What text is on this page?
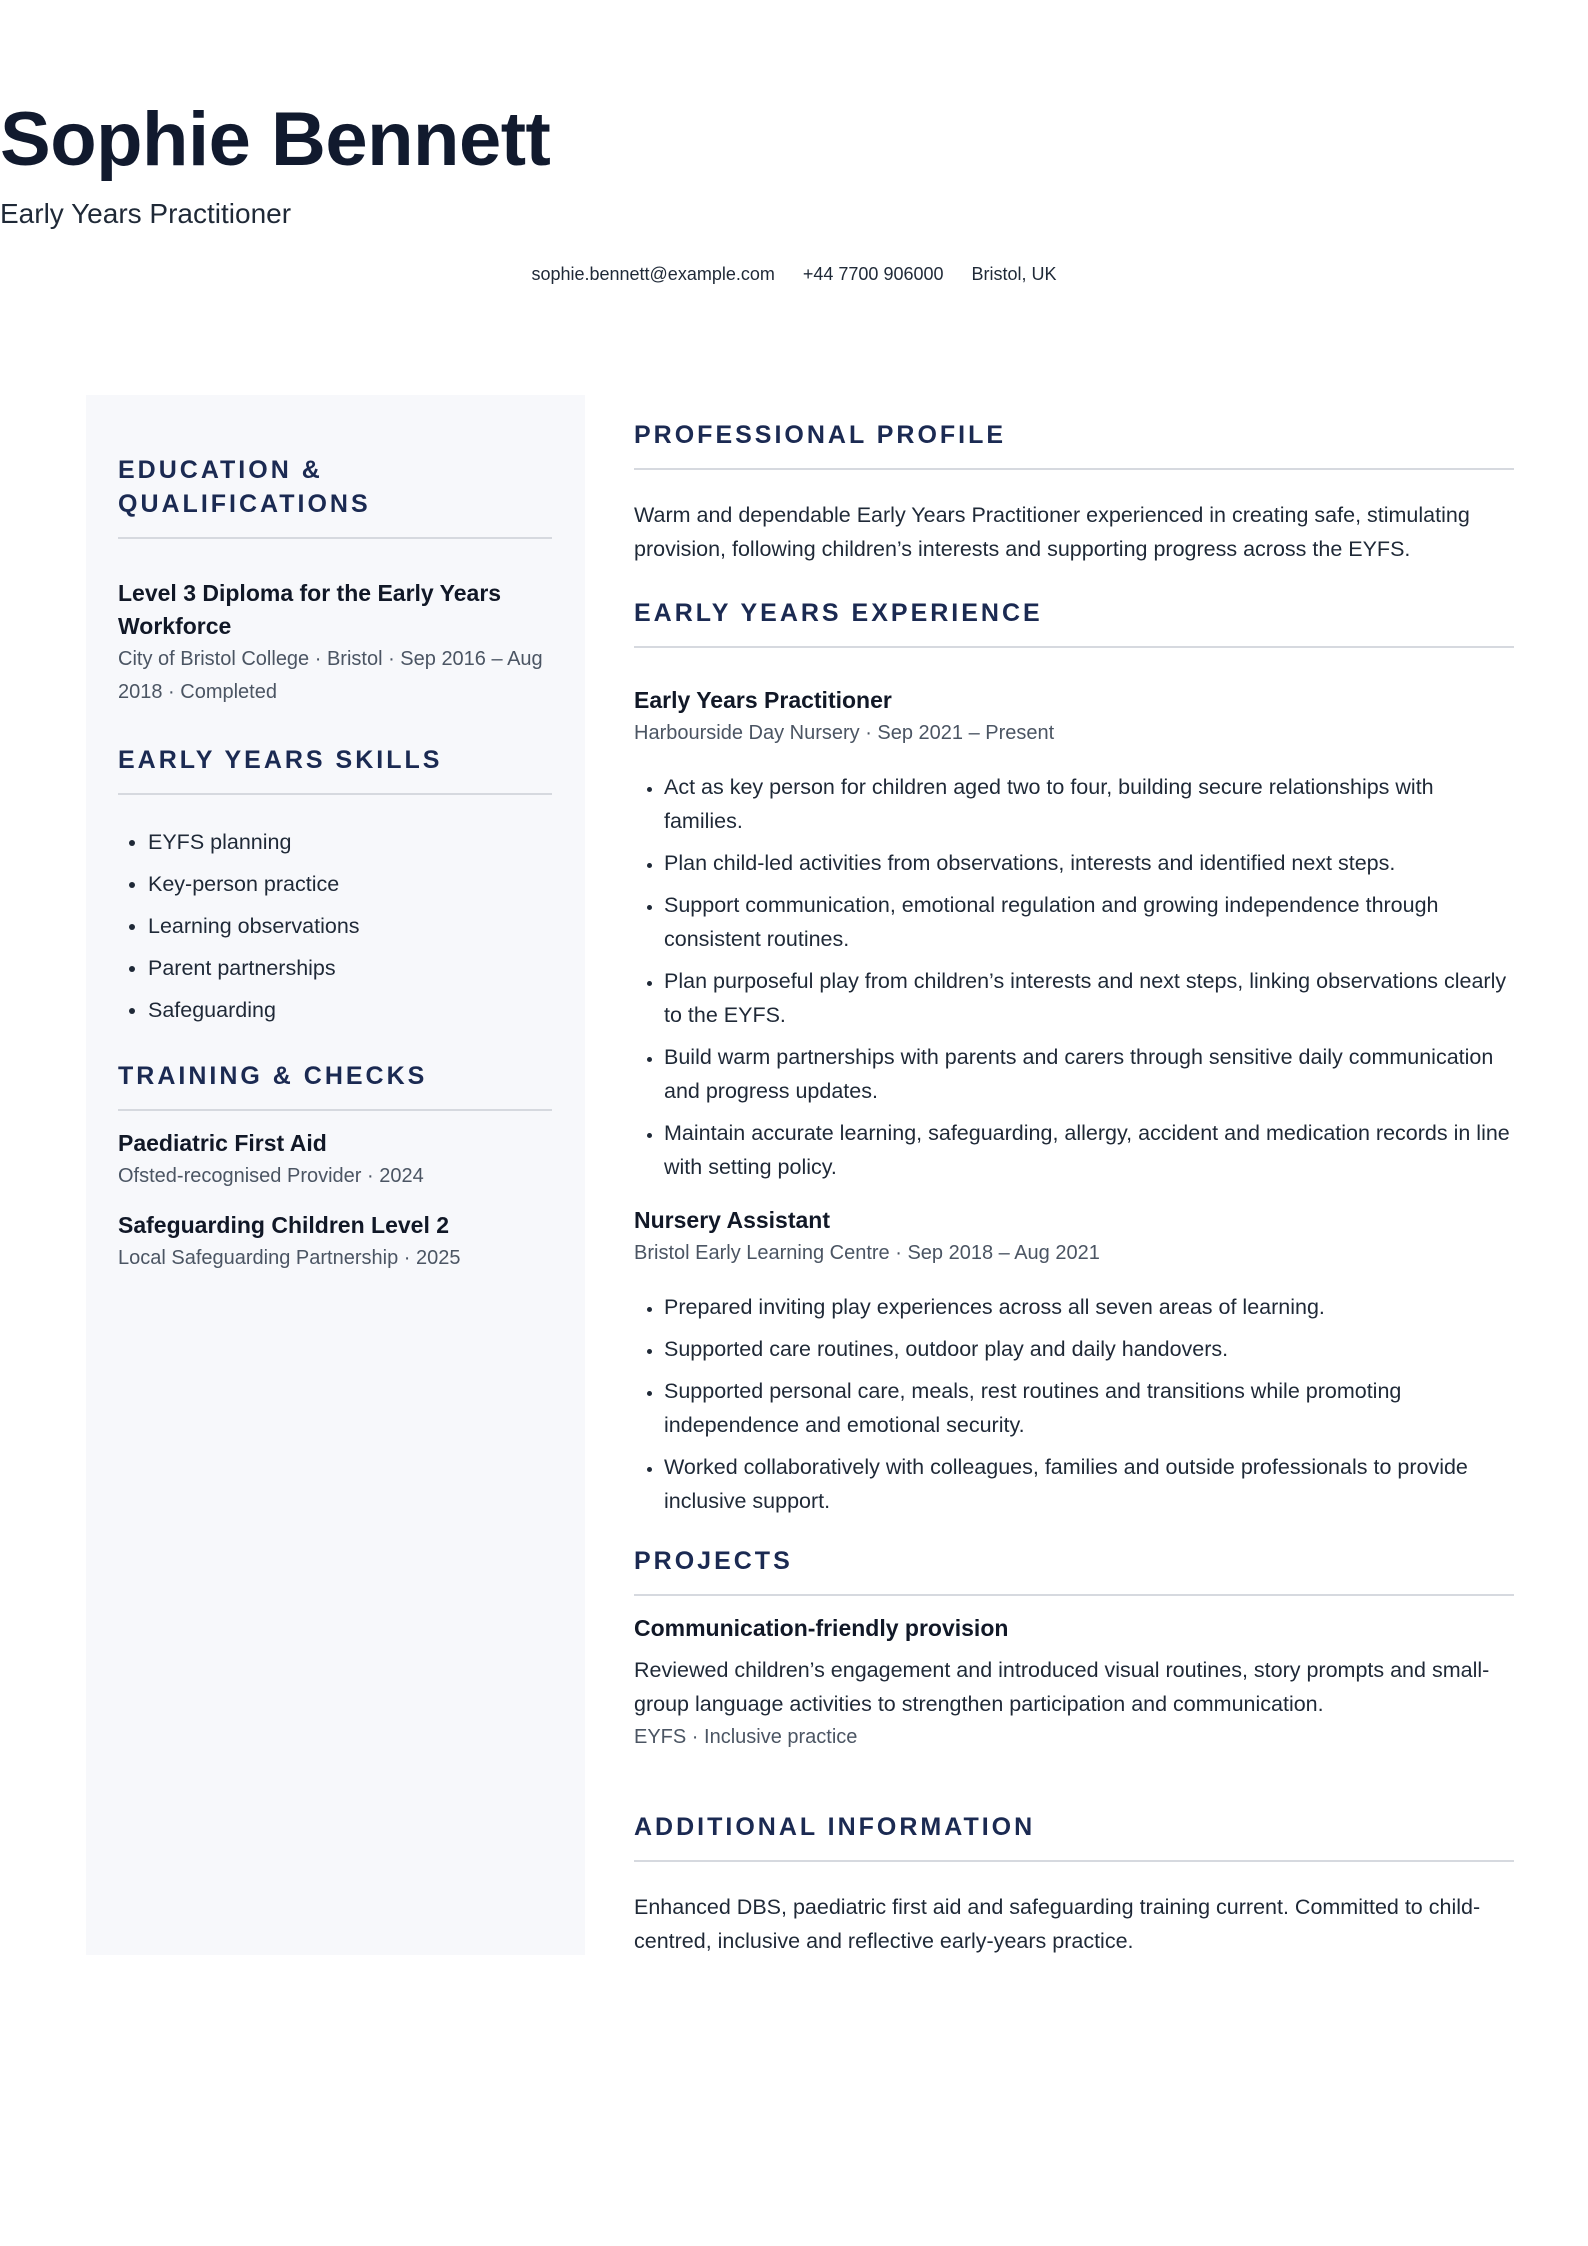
Sophie Bennett
Early Years Practitioner
sophie.bennett@example.com +44 7700 906000 Bristol, UK
EDUCATION &
QUALIFICATIONS
Level 3 Diploma for the Early Years Workforce
City of Bristol College · Bristol · Sep 2016 – Aug 2018 · Completed
EARLY YEARS SKILLS
• EYFS planning
• Key-person practice
• Learning observations
• Parent partnerships
• Safeguarding
TRAINING & CHECKS
Paediatric First Aid
Ofsted-recognised Provider · 2024
Safeguarding Children Level 2
Local Safeguarding Partnership · 2025
PROFESSIONAL PROFILE
Warm and dependable Early Years Practitioner experienced in creating safe, stimulating provision, following children’s interests and supporting progress across the EYFS.
EARLY YEARS EXPERIENCE
Early Years Practitioner
Harbourside Day Nursery · Sep 2021 – Present
• Act as key person for children aged two to four, building secure relationships with families.
• Plan child-led activities from observations, interests and identified next steps.
• Support communication, emotional regulation and growing independence through consistent routines.
• Plan purposeful play from children’s interests and next steps, linking observations clearly to the EYFS.
• Build warm partnerships with parents and carers through sensitive daily communication and progress updates.
• Maintain accurate learning, safeguarding, allergy, accident and medication records in line with setting policy.
Nursery Assistant
Bristol Early Learning Centre · Sep 2018 – Aug 2021
• Prepared inviting play experiences across all seven areas of learning.
• Supported care routines, outdoor play and daily handovers.
• Supported personal care, meals, rest routines and transitions while promoting independence and emotional security.
• Worked collaboratively with colleagues, families and outside professionals to provide inclusive support.
PROJECTS
Communication-friendly provision
Reviewed children’s engagement and introduced visual routines, story prompts and small-group language activities to strengthen participation and communication.
EYFS · Inclusive practice
ADDITIONAL INFORMATION
Enhanced DBS, paediatric first aid and safeguarding training current. Committed to child-centred, inclusive and reflective early-years practice.
